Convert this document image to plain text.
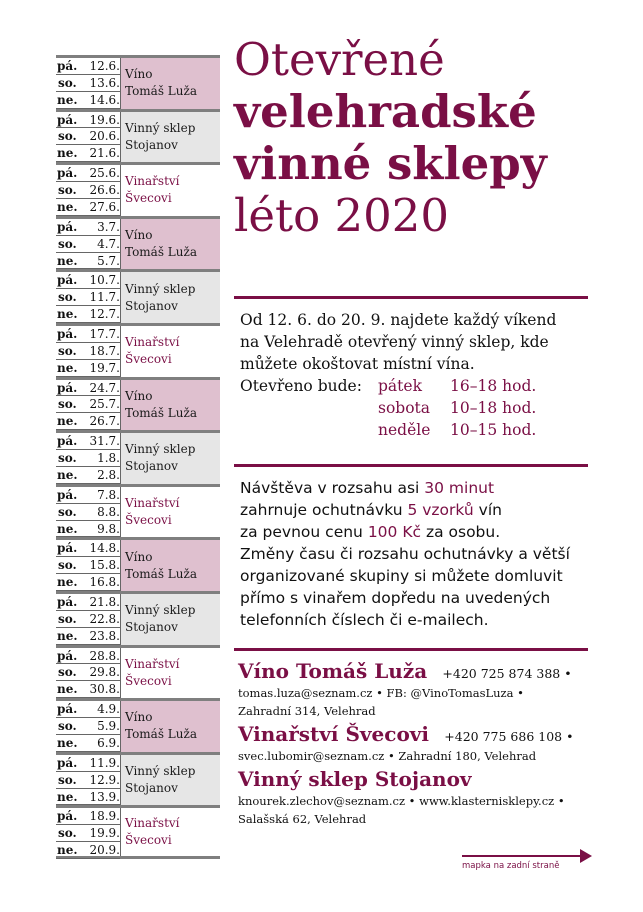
pá. 12.6.
so. 13.6.
ne. 14.6.
Víno
Tomáš Luža
pá. 19.6.
so. 20.6.
ne. 21.6.
Vinný sklep
Stojanov
pá. 25.6.
so. 26.6.
ne. 27.6.
Vinařství
Švecovi
pá. 3.7.
so. 4.7.
ne. 5.7.
Víno
Tomáš Luža
pá. 10.7.
so. 11.7.
ne. 12.7.
Vinný sklep
Stojanov
pá. 17.7.
so. 18.7.
ne. 19.7.
Vinařství
Švecovi
pá. 24.7.
so. 25.7.
ne. 26.7.
Víno
Tomáš Luža
pá. 31.7.
so. 1.8.
ne. 2.8.
Vinný sklep
Stojanov
pá. 7.8.
so. 8.8.
ne. 9.8.
Vinařství
Švecovi
pá. 14.8.
so. 15.8.
ne. 16.8.
Víno
Tomáš Luža
pá. 21.8.
so. 22.8.
ne. 23.8.
Vinný sklep
Stojanov
pá. 28.8.
so. 29.8.
ne. 30.8.
Vinařství
Švecovi
pá. 4.9.
so. 5.9.
ne. 6.9.
Víno
Tomáš Luža
pá. 11.9.
so. 12.9.
ne. 13.9.
Vinný sklep
Stojanov
pá. 18.9.
so. 19.9.
ne. 20.9.
Vinařství
Švecovi
Otevřené
velehradské
vinné sklepy
léto 2020
Od 12. 6. do 20. 9. najdete každý víkend
na Velehradě otevřený vinný sklep, kde
můžete okoštovat místní vína.
Otevřeno bude:	pátek	16–18 hod.
sobota	10–18 hod.
neděle	10–15 hod.
Návštěva v rozsahu asi 30 minut
zahrnuje ochutnávku 5 vzorků vín
za pevnou cenu 100 Kč za osobu.
Změny času či rozsahu ochutnávky a větší
organizované skupiny si můžete domluvit
přímo s vinařem dopředu na uvedených
telefonních číslech či e-mailech.
Víno Tomáš Luža +420 725 874 388 •
tomas.luza@seznam.cz • FB: @VinoTomasLuza •
Zahradní 314, Velehrad
Vinařství Švecovi +420 775 686 108 •
svec.lubomir@seznam.cz • Zahradní 180, Velehrad
Vinný sklep Stojanov
knourek.zlechov@seznam.cz • www.klasternisklepy.cz •
Salašská 62, Velehrad
mapka na zadní straně
